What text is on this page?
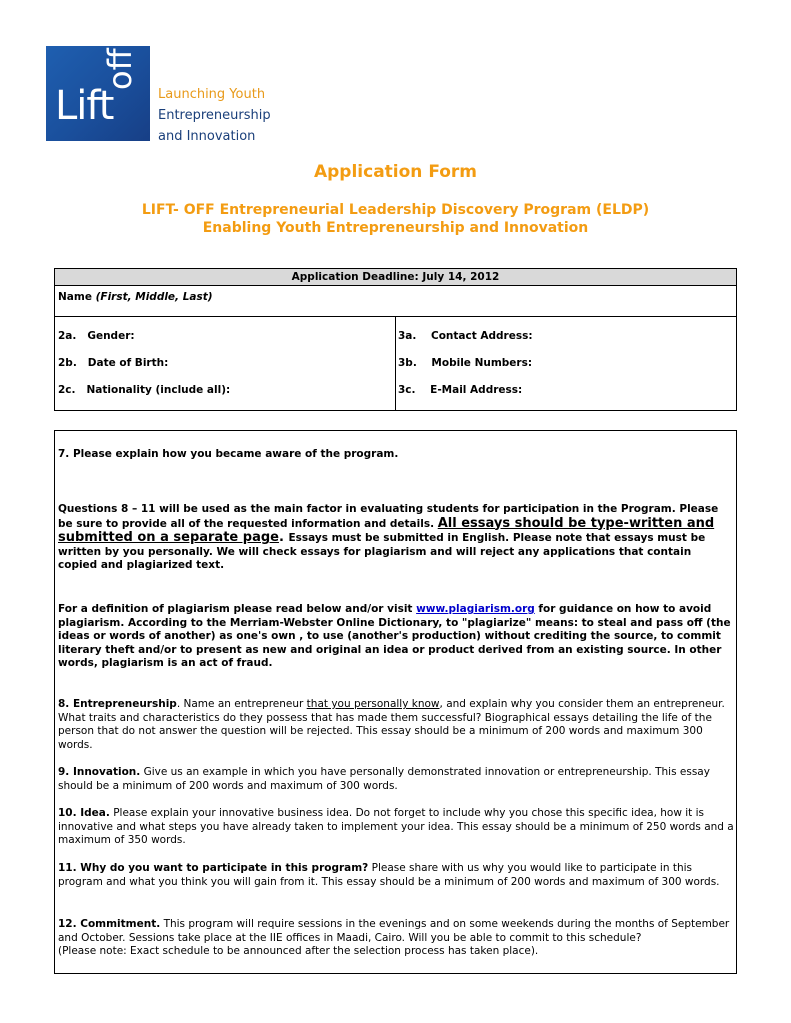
Lift
off
Launching Youth
Entrepreneurship
and Innovation
Application Form
LIFT- OFF Entrepreneurial Leadership Discovery Program (ELDP)
Enabling Youth Entrepreneurship and Innovation
Application Deadline: July 14, 2012
Name (First, Middle, Last)
2a.   Gender:
2b.   Date of Birth:
2c.   Nationality (include all):
3a.    Contact Address:
3b.    Mobile Numbers:
3c.    E-Mail Address:
7. Please explain how you became aware of the program.
Questions 8 – 11 will be used as the main factor in evaluating students for participation in the Program. Please be sure to provide all of the requested information and details. All essays should be type-written and submitted on a separate page. Essays must be submitted in English. Please note that essays must be written by you personally. We will check essays for plagiarism and will reject any applications that contain copied and plagiarized text.
For a definition of plagiarism please read below and/or visit www.plagiarism.org for guidance on how to avoid plagiarism. According to the Merriam-Webster Online Dictionary, to "plagiarize" means: to steal and pass off (the ideas or words of another) as one's own , to use (another's production) without crediting the source, to commit literary theft and/or to present as new and original an idea or product derived from an existing source. In other words, plagiarism is an act of fraud.
8. Entrepreneurship. Name an entrepreneur that you personally know, and explain why you consider them an entrepreneur. What traits and characteristics do they possess that has made them successful? Biographical essays detailing the life of the person that do not answer the question will be rejected. This essay should be a minimum of 200 words and maximum 300 words.
9. Innovation. Give us an example in which you have personally demonstrated innovation or entrepreneurship. This essay should be a minimum of 200 words and maximum of 300 words.
10. Idea. Please explain your innovative business idea. Do not forget to include why you chose this specific idea, how it is innovative and what steps you have already taken to implement your idea. This essay should be a minimum of 250 words and a maximum of 350 words.
11. Why do you want to participate in this program? Please share with us why you would like to participate in this program and what you think you will gain from it. This essay should be a minimum of 200 words and maximum of 300 words.
12. Commitment. This program will require sessions in the evenings and on some weekends during the months of September and October. Sessions take place at the IIE offices in Maadi, Cairo. Will you be able to commit to this schedule?
(Please note: Exact schedule to be announced after the selection process has taken place).
